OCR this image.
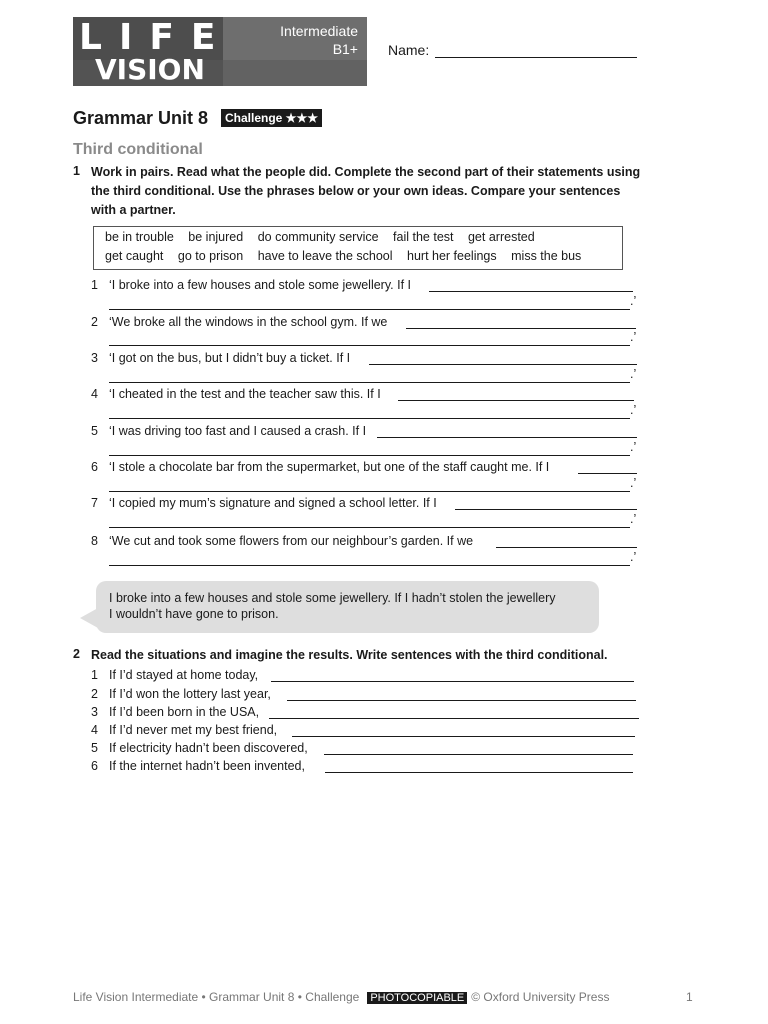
LIFE
VISION
Intermediate
B1+ Name:
Grammar Unit 8	Challenge ★★★
Third conditional
1 Work in pairs. Read what the people did. Complete the second part of their statements using
the third conditional. Use the phrases below or your own ideas. Compare your sentences
with a partner.
be in trouble be injured do community service fail the test get arrested
get caught go to prison have to leave the school hurt her feelings miss the bus
1 ‘I broke into a few houses and stole some jewellery. If I
.’
2 ‘We broke all the windows in the school gym. If we
.’
3 ‘I got on the bus, but I didn’t buy a ticket. If I
.’
4 ‘I cheated in the test and the teacher saw this. If I
.’
5 ‘I was driving too fast and I caused a crash. If I
.’
6 ‘I stole a chocolate bar from the supermarket, but one of the staff caught me. If I
.’
7 ‘I copied my mum’s signature and signed a school letter. If I
.’
8 ‘We cut and took some flowers from our neighbour’s garden. If we
.’
I broke into a few houses and stole some jewellery. If I hadn’t stolen the jewellery
I wouldn’t have gone to prison.
2 Read the situations and imagine the results. Write sentences with the third conditional.
1 If I’d stayed at home today,
2 If I’d won the lottery last year,
3 If I’d been born in the USA,
4 If I’d never met my best friend,
5 If electricity hadn’t been discovered,
6 If the internet hadn’t been invented,
Life Vision Intermediate • Grammar Unit 8 • Challenge PHOTOCOPIABLE © Oxford University Press	1
